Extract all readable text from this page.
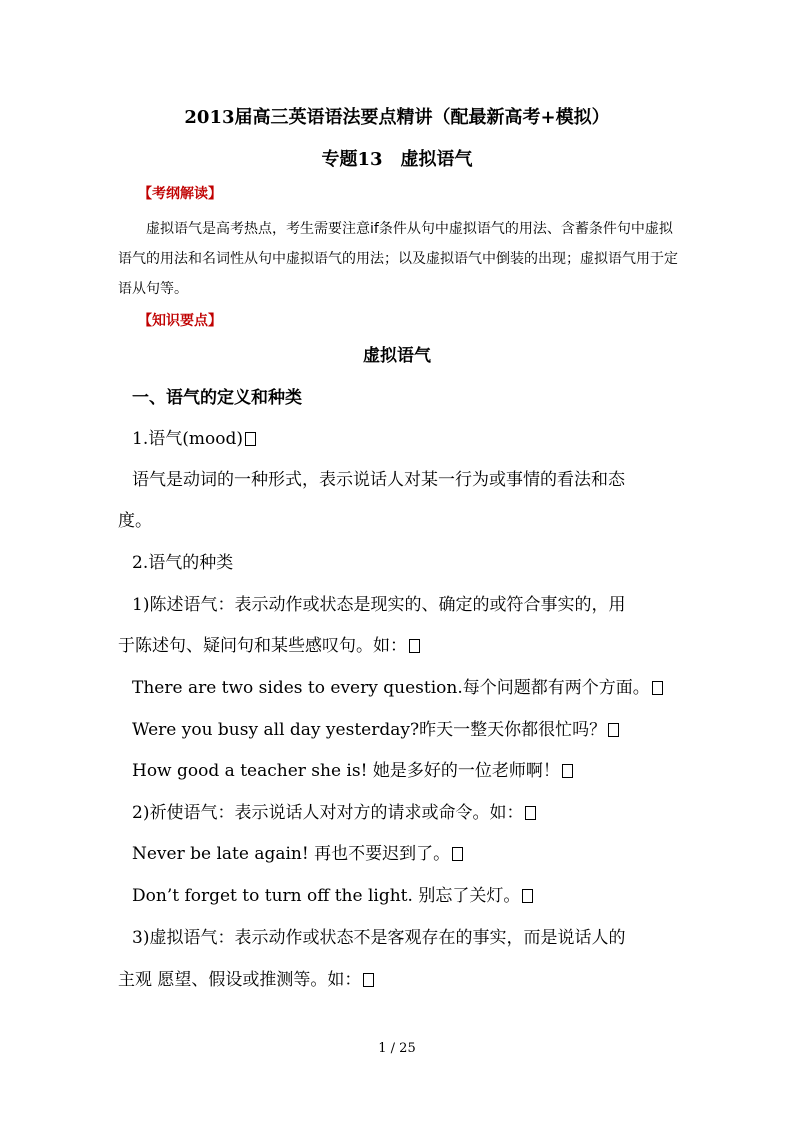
2013届高三英语语法要点精讲（配最新高考+模拟）
专题13　虚拟语气
【考纲解读】

虚拟语气是高考热点，考生需要注意if条件从句中虚拟语气的用法、含蓄条件句中虚拟语气的用法和名词性从句中虚拟语气的用法；以及虚拟语气中倒装的出现；虚拟语气用于定语从句等。

【知识要点】
虚拟语气
一、语气的定义和种类
1.语气(mood)
语气是动词的一种形式，表示说话人对某一行为或事情的看法和态
度。
2.语气的种类
1)陈述语气：表示动作或状态是现实的、确定的或符合事实的，用
于陈述句、疑问句和某些感叹句。如：
There are two sides to every question.每个问题都有两个方面。
Were you busy all day yesterday?昨天一整天你都很忙吗？
How good a teacher she is! 她是多好的一位老师啊！
2)祈使语气：表示说话人对对方的请求或命令。如：
Never be late again! 再也不要迟到了。
Don’t forget to turn off the light. 别忘了关灯。
3)虚拟语气：表示动作或状态不是客观存在的事实，而是说话人的
主观 愿望、假设或推测等。如：
1 / 25
